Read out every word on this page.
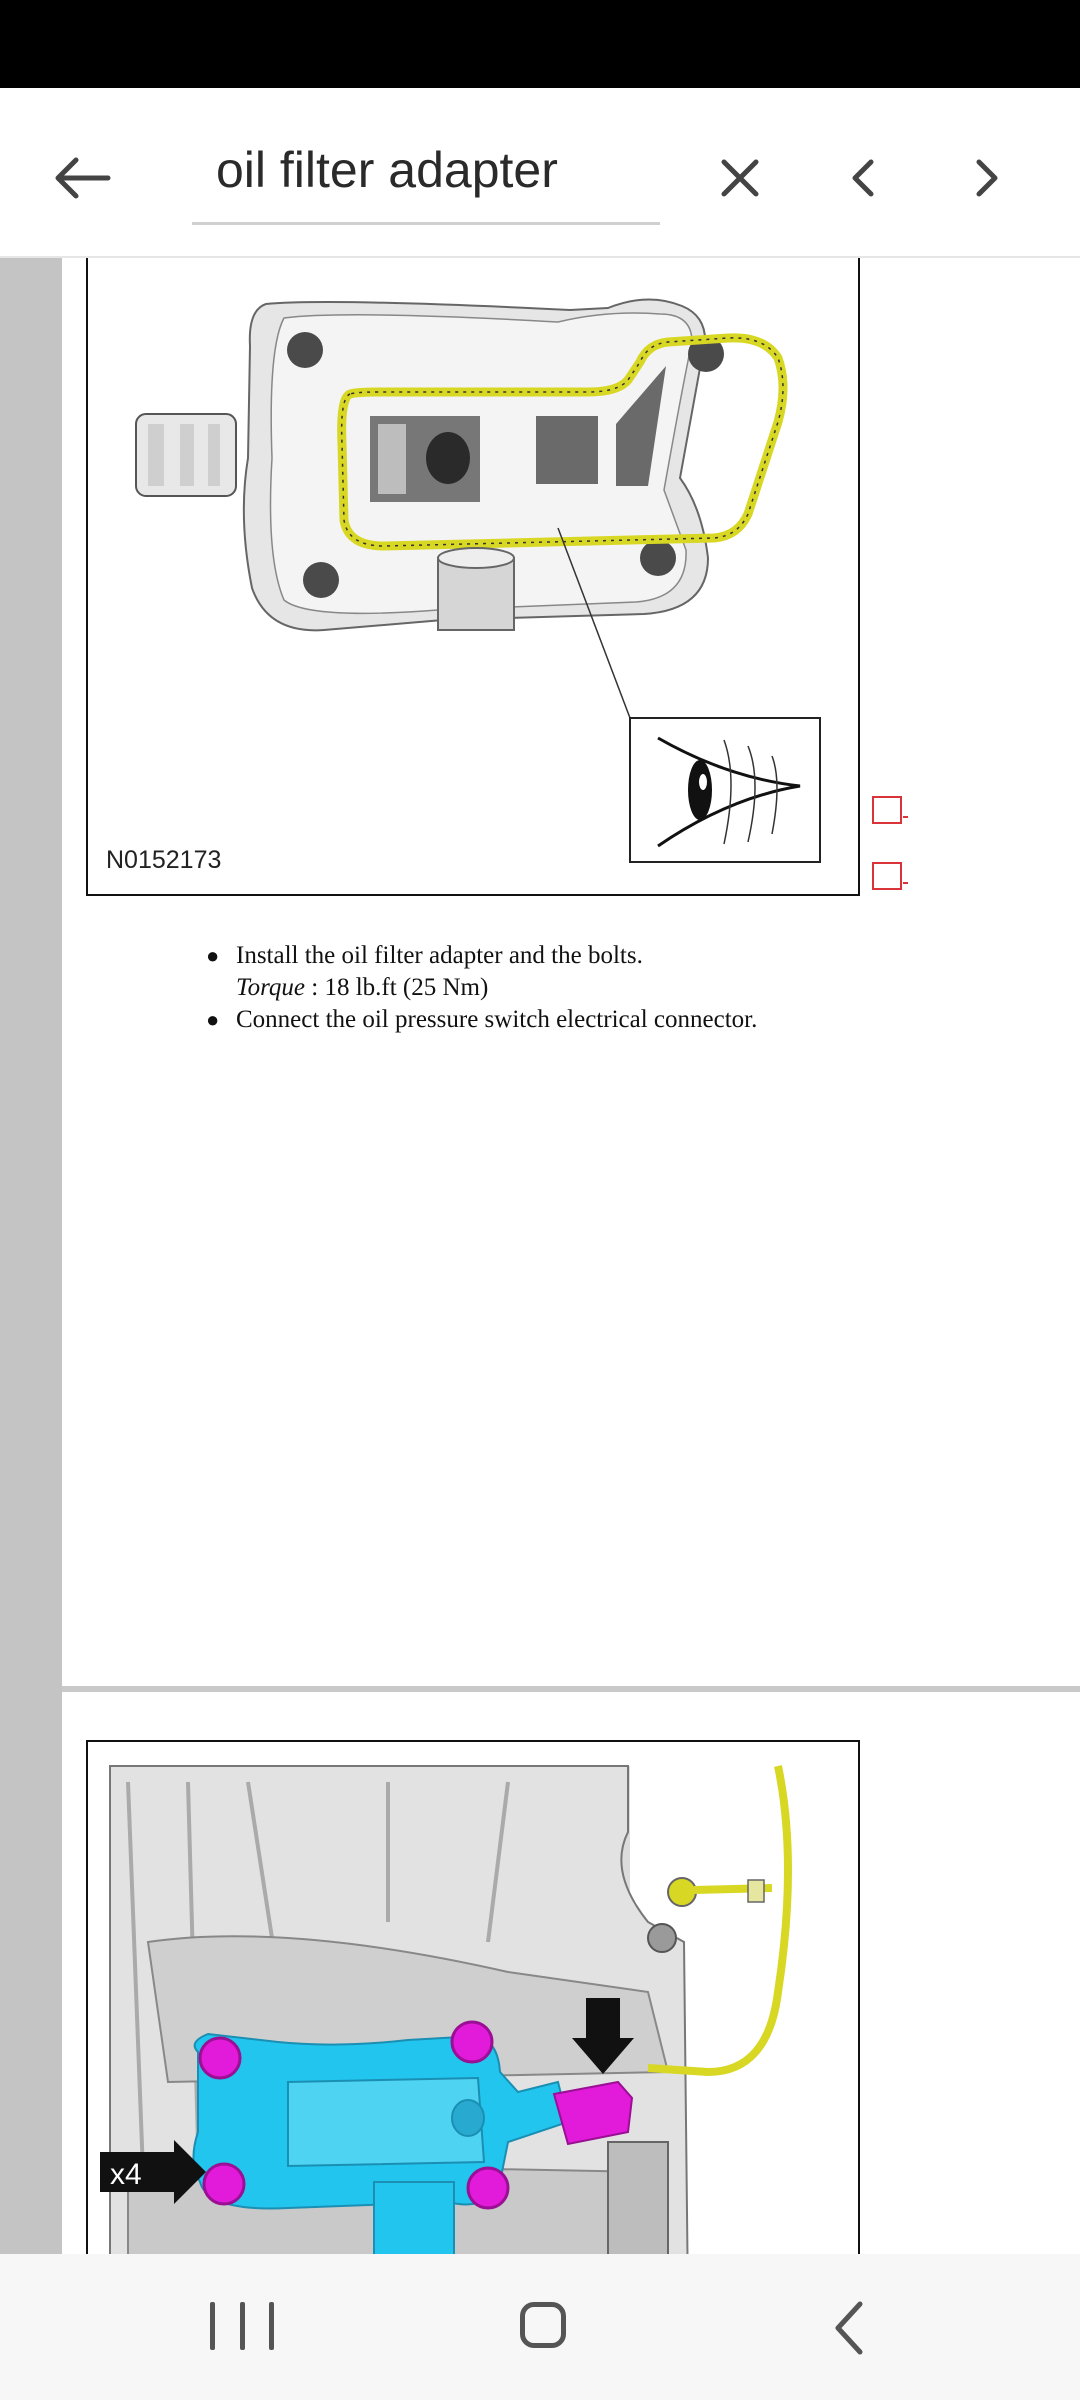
oil filter adapter
N0152173
● Install the oil filter adapter and the bolts.
Torque : 18 lb.ft (25 Nm)
● Connect the oil pressure switch electrical connector.
x4
